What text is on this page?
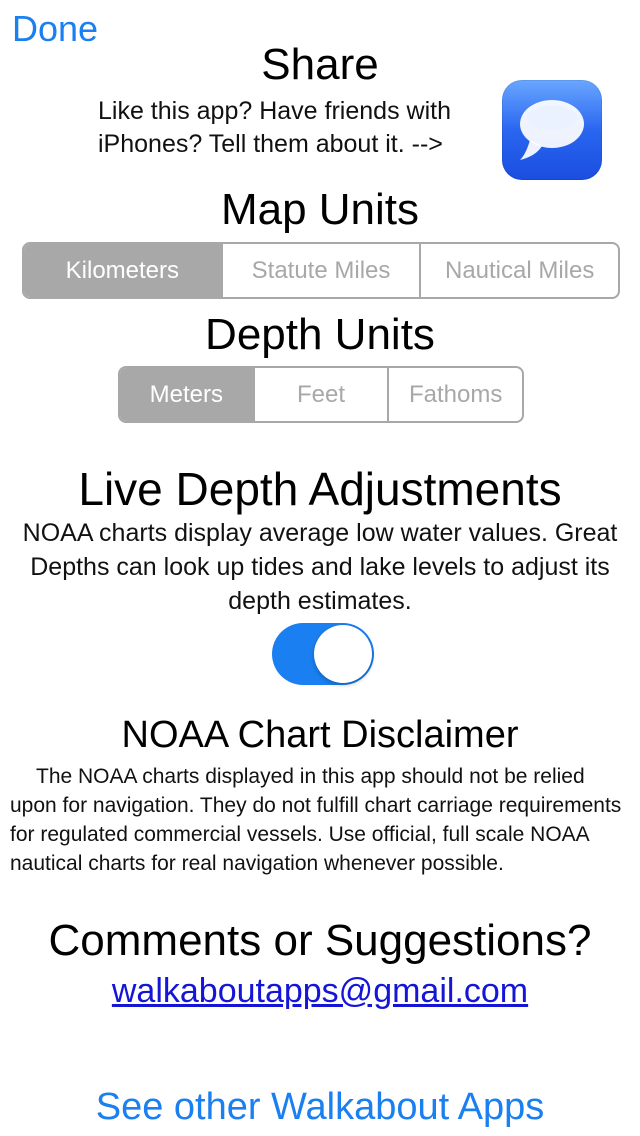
Done
Share
Like this app? Have friends with iPhones? Tell them about it. -->
Map Units
Kilometers	Statute Miles	Nautical Miles
Depth Units
Meters	Feet	Fathoms
Live Depth Adjustments
NOAA charts display average low water values. Great Depths can look up tides and lake levels to adjust its depth estimates.
NOAA Chart Disclaimer
The NOAA charts displayed in this app should not be relied upon for navigation. They do not fulfill chart carriage requirements for regulated commercial vessels. Use official, full scale NOAA nautical charts for real navigation whenever possible.
Comments or Suggestions?
walkaboutapps@gmail.com
See other Walkabout Apps
